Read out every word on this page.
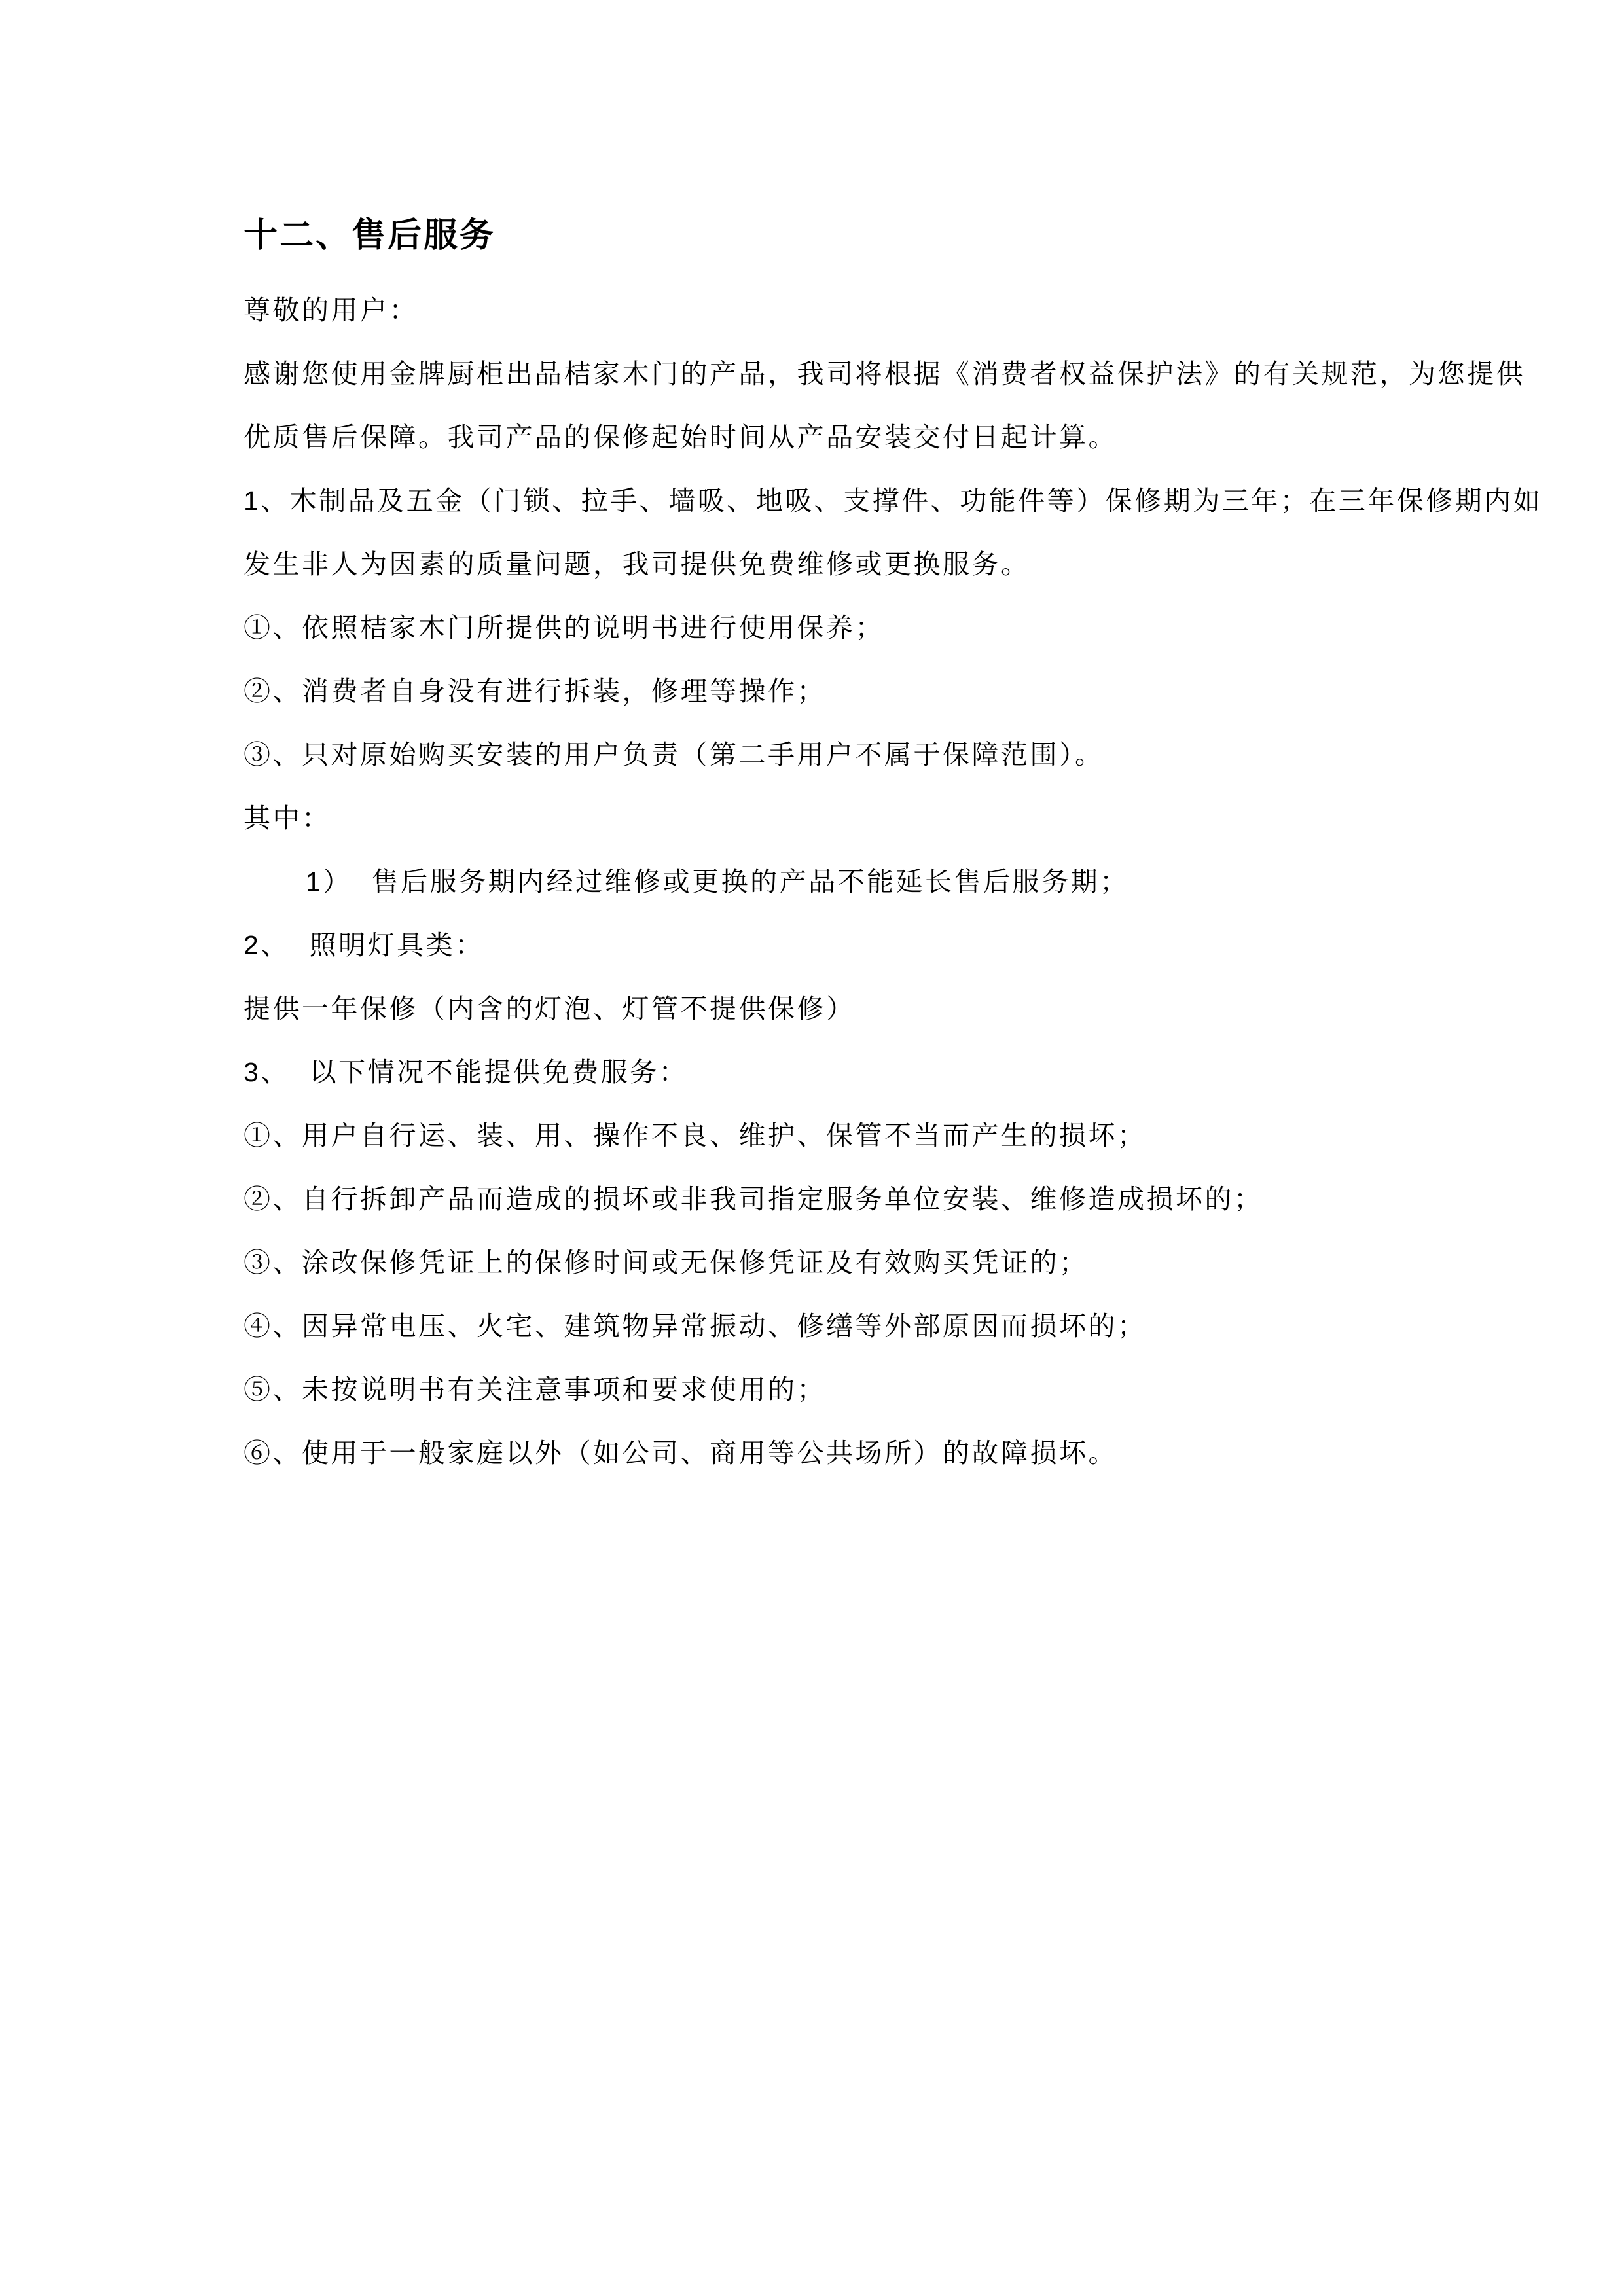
十二、售后服务

尊敬的用户：

感谢您使用金牌厨柜出品桔家木门的产品，我司将根据《消费者权益保护法》的有关规范，为您提供

优质售后保障。我司产品的保修起始时间从产品安装交付日起计算。

1、木制品及五金（门锁、拉手、墙吸、地吸、支撑件、功能件等）保修期为三年；在三年保修期内如

发生非人为因素的质量问题，我司提供免费维修或更换服务。

①、依照桔家木门所提供的说明书进行使用保养；

②、消费者自身没有进行拆装，修理等操作；

③、只对原始购买安装的用户负责（第二手用户不属于保障范围）。

其中：

1）  售后服务期内经过维修或更换的产品不能延长售后服务期；

2、  照明灯具类：

提供一年保修（内含的灯泡、灯管不提供保修）

3、  以下情况不能提供免费服务：

①、用户自行运、装、用、操作不良、维护、保管不当而产生的损坏；

②、自行拆卸产品而造成的损坏或非我司指定服务单位安装、维修造成损坏的；

③、涂改保修凭证上的保修时间或无保修凭证及有效购买凭证的；

④、因异常电压、火宅、建筑物异常振动、修缮等外部原因而损坏的；

⑤、未按说明书有关注意事项和要求使用的；

⑥、使用于一般家庭以外（如公司、商用等公共场所）的故障损坏。
